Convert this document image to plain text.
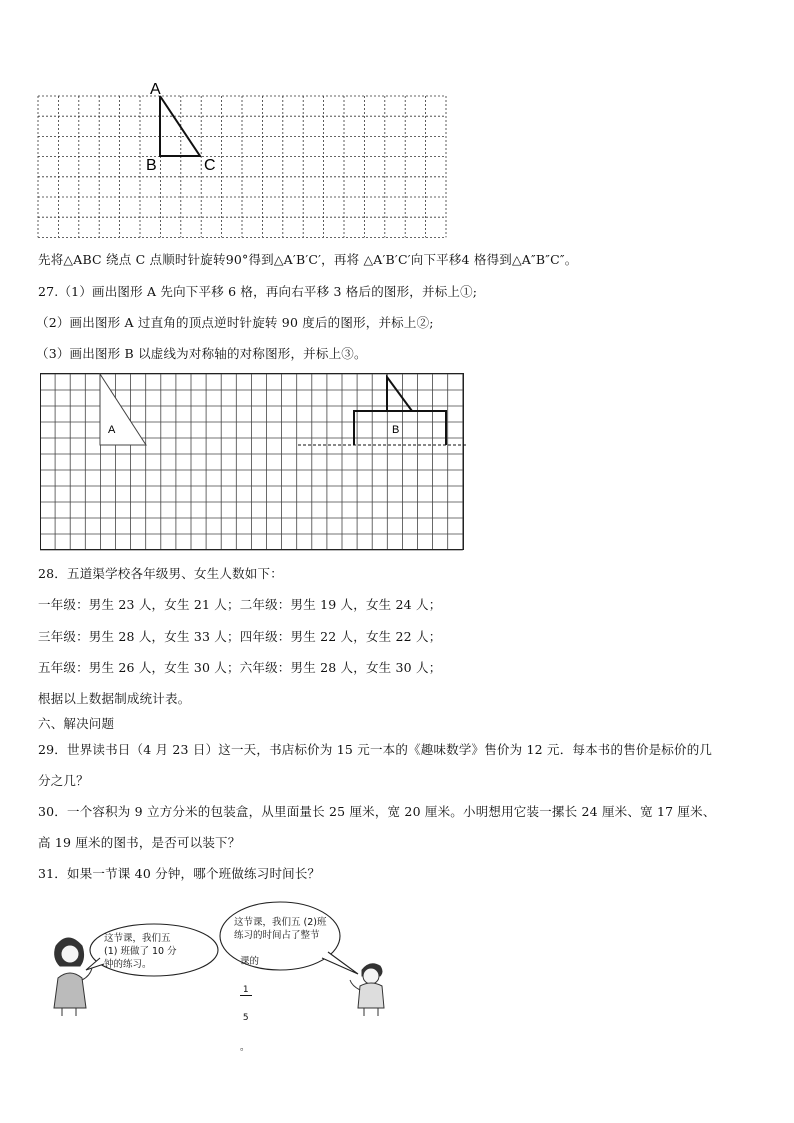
A
B	C
先将△ABC 绕点 C 点顺时针旋转90°得到△A′B′C′，再将 △A′B′C′向下平移4 格得到△A″B″C″。
27.（1）画出图形 A 先向下平移 6 格，再向右平移 3 格后的图形，并标上①;
（2）画出图形 A 过直角的顶点逆时针旋转 90 度后的图形，并标上②;
（3）画出图形 B 以虚线为对称轴的对称图形，并标上③。
A	B
28．五道渠学校各年级男、女生人数如下：
一年级：男生 23 人，女生 21 人；二年级：男生 19 人，女生 24 人；
三年级：男生 28 人，女生 33 人；四年级：男生 22 人，女生 22 人；
五年级：男生 26 人，女生 30 人；六年级：男生 28 人，女生 30 人；
根据以上数据制成统计表。
六、解决问题
29．世界读书日（4 月 23 日）这一天，书店标价为 15 元一本的《趣味数学》售价为 12 元．每本书的售价是标价的几
分之几？
30．一个容积为 9 立方分米的包装盒，从里面量长 25 厘米，宽 20 厘米。小明想用它装一摞长 24 厘米、宽 17 厘米、
高 19 厘米的图书，是否可以装下？
31．如果一节课 40 分钟，哪个班做练习时间长？
这节课，我们五
(1) 班做了 10 分
钟的练习。
这节课，我们五 (2)班
练习的时间占了整节

课的

$\frac{1}{5}$

。
